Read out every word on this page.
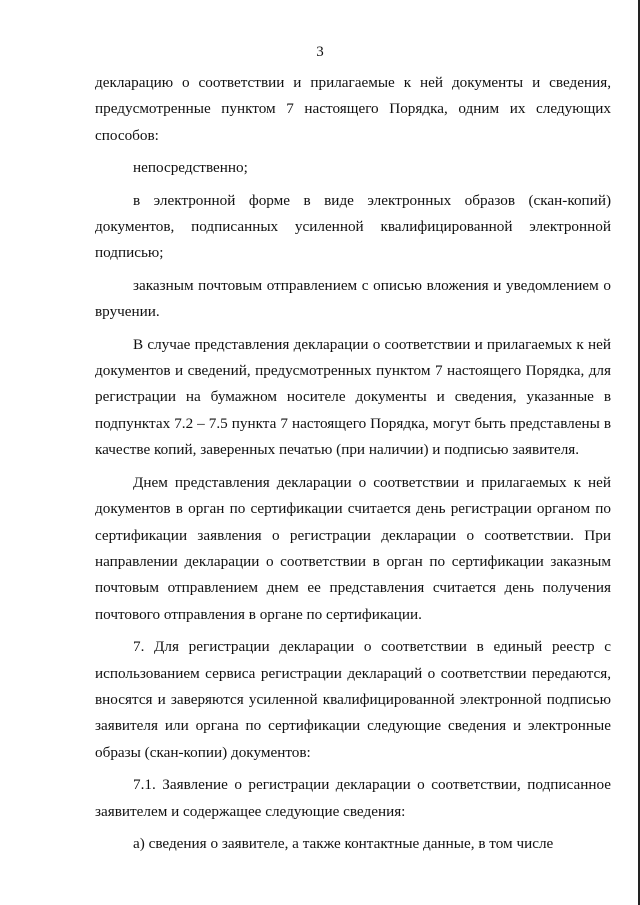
3

декларацию о соответствии и прилагаемые к ней документы и сведения, предусмотренные пунктом 7 настоящего Порядка, одним их следующих способов:

непосредственно;

в электронной форме в виде электронных образов (скан-копий) документов, подписанных усиленной квалифицированной электронной подписью;

заказным почтовым отправлением с описью вложения и уведомлением о вручении.

В случае представления декларации о соответствии и прилагаемых к ней документов и сведений, предусмотренных пунктом 7 настоящего Порядка, для регистрации на бумажном носителе документы и сведения, указанные в подпунктах 7.2 – 7.5 пункта 7 настоящего Порядка, могут быть представлены в качестве копий, заверенных печатью (при наличии) и подписью заявителя.

Днем представления декларации о соответствии и прилагаемых к ней документов в орган по сертификации считается день регистрации органом по сертификации заявления о регистрации декларации о соответствии. При направлении декларации о соответствии в орган по сертификации заказным почтовым отправлением днем ее представления считается день получения почтового отправления в органе по сертификации.

7. Для регистрации декларации о соответствии в единый реестр с использованием сервиса регистрации деклараций о соответствии передаются, вносятся и заверяются усиленной квалифицированной электронной подписью заявителя или органа по сертификации следующие сведения и электронные образы (скан-копии) документов:

7.1. Заявление о регистрации декларации о соответствии, подписанное заявителем и содержащее следующие сведения:

а) сведения о заявителе, а также контактные данные, в том числе
